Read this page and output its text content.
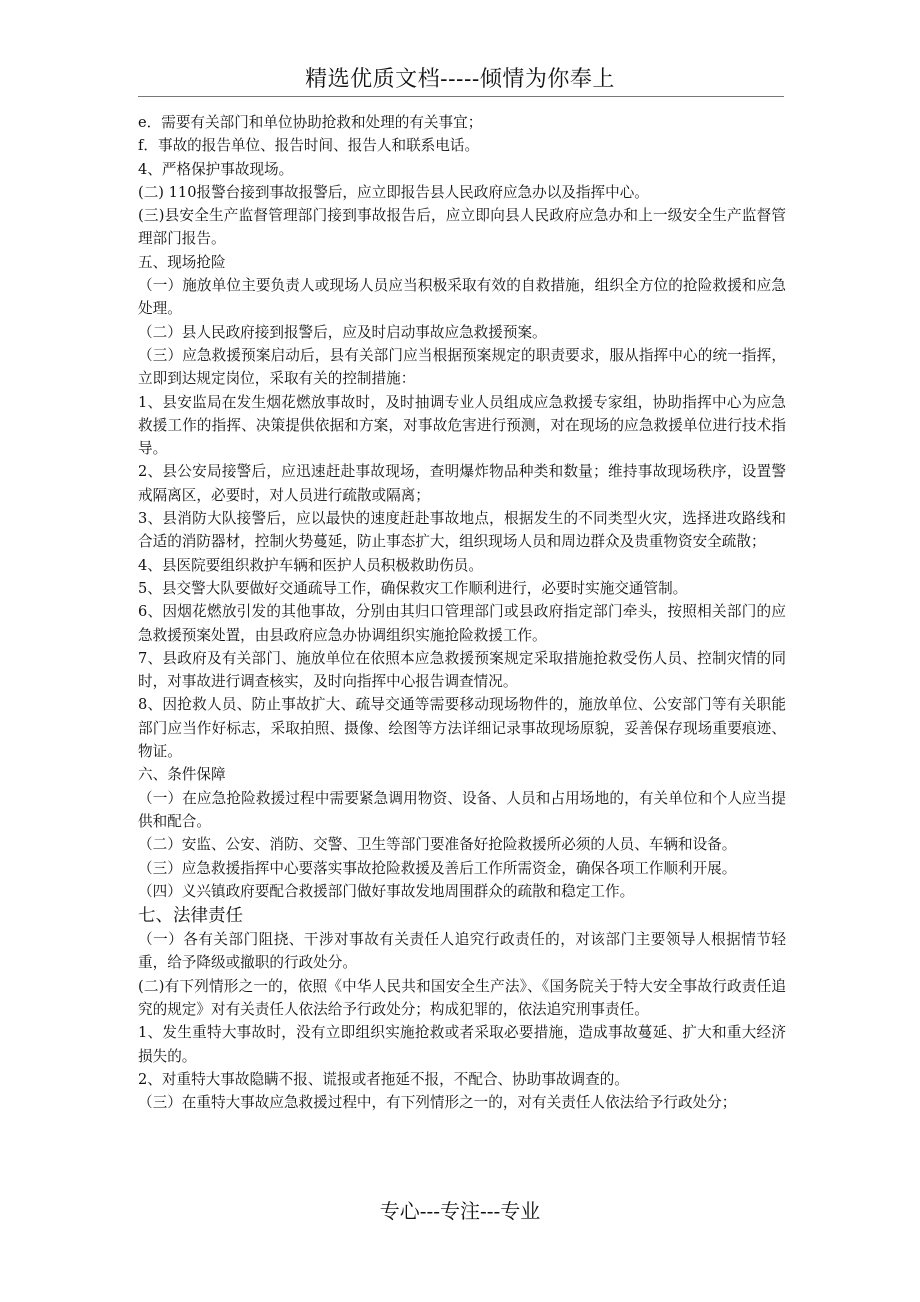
精选优质文档-----倾情为你奉上

e．需要有关部门和单位协助抢救和处理的有关事宜；

f．事故的报告单位、报告时间、报告人和联系电话。

4、严格保护事故现场。

(二) 110报警台接到事故报警后，应立即报告县人民政府应急办以及指挥中心。

(三)县安全生产监督管理部门接到事故报告后，应立即向县人民政府应急办和上一级安全生产监督管理部门报告。

五、现场抢险

（一）施放单位主要负责人或现场人员应当积极采取有效的自救措施，组织全方位的抢险救援和应急处理。

（二）县人民政府接到报警后，应及时启动事故应急救援预案。

（三）应急救援预案启动后，县有关部门应当根据预案规定的职责要求，服从指挥中心的统一指挥，立即到达规定岗位，采取有关的控制措施：

1、县安监局在发生烟花燃放事故时，及时抽调专业人员组成应急救援专家组，协助指挥中心为应急救援工作的指挥、决策提供依据和方案，对事故危害进行预测，对在现场的应急救援单位进行技术指导。

2、县公安局接警后，应迅速赶赴事故现场，查明爆炸物品种类和数量；维持事故现场秩序，设置警戒隔离区，必要时，对人员进行疏散或隔离；

3、县消防大队接警后，应以最快的速度赶赴事故地点，根据发生的不同类型火灾，选择进攻路线和合适的消防器材，控制火势蔓延，防止事态扩大，组织现场人员和周边群众及贵重物资安全疏散；

4、县医院要组织救护车辆和医护人员积极救助伤员。

5、县交警大队要做好交通疏导工作，确保救灾工作顺利进行，必要时实施交通管制。

6、因烟花燃放引发的其他事故，分别由其归口管理部门或县政府指定部门牵头，按照相关部门的应急救援预案处置，由县政府应急办协调组织实施抢险救援工作。

7、县政府及有关部门、施放单位在依照本应急救援预案规定采取措施抢救受伤人员、控制灾情的同时，对事故进行调查核实，及时向指挥中心报告调查情况。

8、因抢救人员、防止事故扩大、疏导交通等需要移动现场物件的，施放单位、公安部门等有关职能部门应当作好标志，采取拍照、摄像、绘图等方法详细记录事故现场原貌，妥善保存现场重要痕迹、物证。

六、条件保障

（一）在应急抢险救援过程中需要紧急调用物资、设备、人员和占用场地的，有关单位和个人应当提供和配合。

（二）安监、公安、消防、交警、卫生等部门要准备好抢险救援所必须的人员、车辆和设备。

（三）应急救援指挥中心要落实事故抢险救援及善后工作所需资金，确保各项工作顺利开展。

（四）义兴镇政府要配合救援部门做好事故发地周围群众的疏散和稳定工作。

七、法律责任

（一）各有关部门阻挠、干涉对事故有关责任人追究行政责任的，对该部门主要领导人根据情节轻重，给予降级或撤职的行政处分。

(二)有下列情形之一的，依照《中华人民共和国安全生产法》、《国务院关于特大安全事故行政责任追究的规定》对有关责任人依法给予行政处分；构成犯罪的，依法追究刑事责任。

1、发生重特大事故时，没有立即组织实施抢救或者采取必要措施，造成事故蔓延、扩大和重大经济损失的。

2、对重特大事故隐瞒不报、谎报或者拖延不报，不配合、协助事故调查的。

（三）在重特大事故应急救援过程中，有下列情形之一的，对有关责任人依法给予行政处分；

专心---专注---专业
